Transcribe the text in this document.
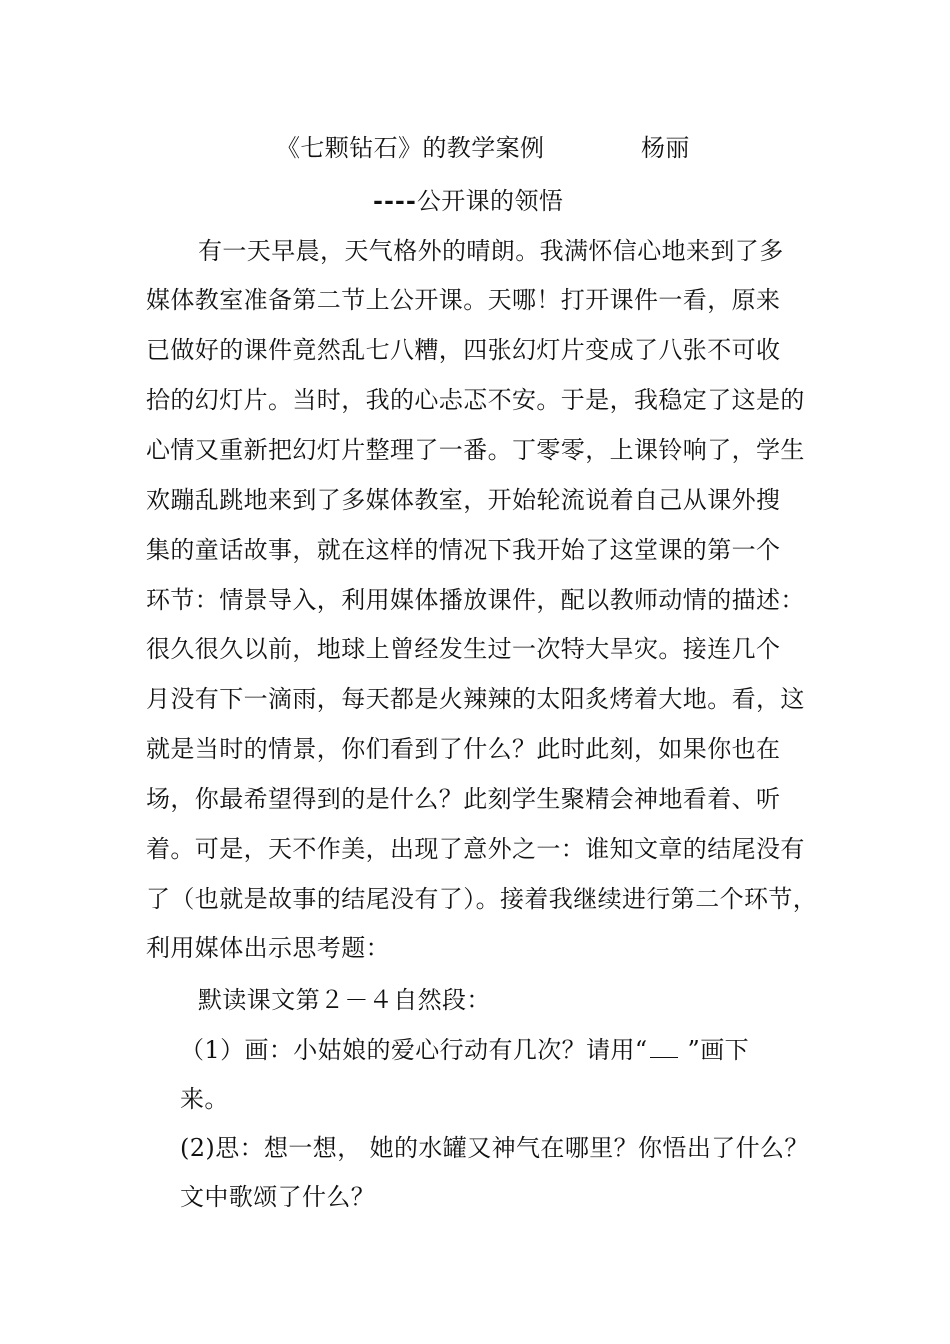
《七颗钻石》的教学案例	杨丽
----公开课的领悟
有一天早晨，天气格外的晴朗。我满怀信心地来到了多
媒体教室准备第二节上公开课。天哪！打开课件一看，原来
已做好的课件竟然乱七八糟，四张幻灯片变成了八张不可收
拾的幻灯片。当时，我的心忐忑不安。于是，我稳定了这是的
心情又重新把幻灯片整理了一番。丁零零，上课铃响了，学生
欢蹦乱跳地来到了多媒体教室，开始轮流说着自己从课外搜
集的童话故事，就在这样的情况下我开始了这堂课的第一个
环节：情景导入，利用媒体播放课件，配以教师动情的描述：
很久很久以前，地球上曾经发生过一次特大旱灾。接连几个
月没有下一滴雨，每天都是火辣辣的太阳炙烤着大地。看，这
就是当时的情景，你们看到了什么？此时此刻，如果你也在
场，你最希望得到的是什么？此刻学生聚精会神地看着、听
着。可是，天不作美，出现了意外之一：谁知文章的结尾没有
了（也就是故事的结尾没有了）。接着我继续进行第二个环节，
利用媒体出示思考题：
默读课文第２－４自然段：
（1）画：小姑娘的爱心行动有几次？请用“ ”画下
来。
(2)思：想一想， 她的水罐又神气在哪里？你悟出了什么？
文中歌颂了什么？
